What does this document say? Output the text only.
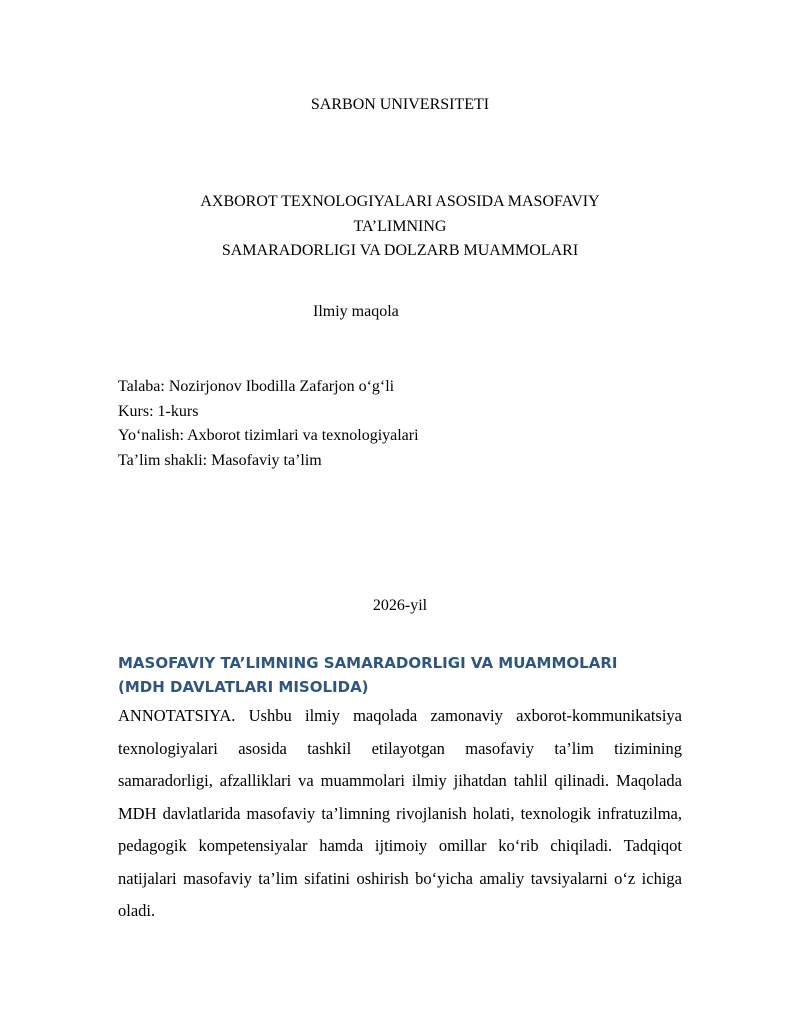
SARBON UNIVERSITETI

AXBOROT TEXNOLOGIYALARI ASOSIDA MASOFAVIY
TA’LIMNING
SAMARADORLIGI VA DOLZARB MUAMMOLARI

Ilmiy maqola

Talaba: Nozirjonov Ibodilla Zafarjon o‘g‘li
Kurs: 1-kurs
Yo‘nalish: Axborot tizimlari va texnologiyalari
Ta’lim shakli: Masofaviy ta’lim

2026-yil

MASOFAVIY TA’LIMNING SAMARADORLIGI VA MUAMMOLARI
(MDH DAVLATLARI MISOLIDA)

ANNOTATSIYA. Ushbu ilmiy maqolada zamonaviy axborot-kommunikatsiya texnologiyalari asosida tashkil etilayotgan masofaviy ta’lim tizimining samaradorligi, afzalliklari va muammolari ilmiy jihatdan tahlil qilinadi. Maqolada MDH davlatlarida masofaviy ta’limning rivojlanish holati, texnologik infratuzilma, pedagogik kompetensiyalar hamda ijtimoiy omillar ko‘rib chiqiladi. Tadqiqot natijalari masofaviy ta’lim sifatini oshirish bo‘yicha amaliy tavsiyalarni o‘z ichiga oladi.
